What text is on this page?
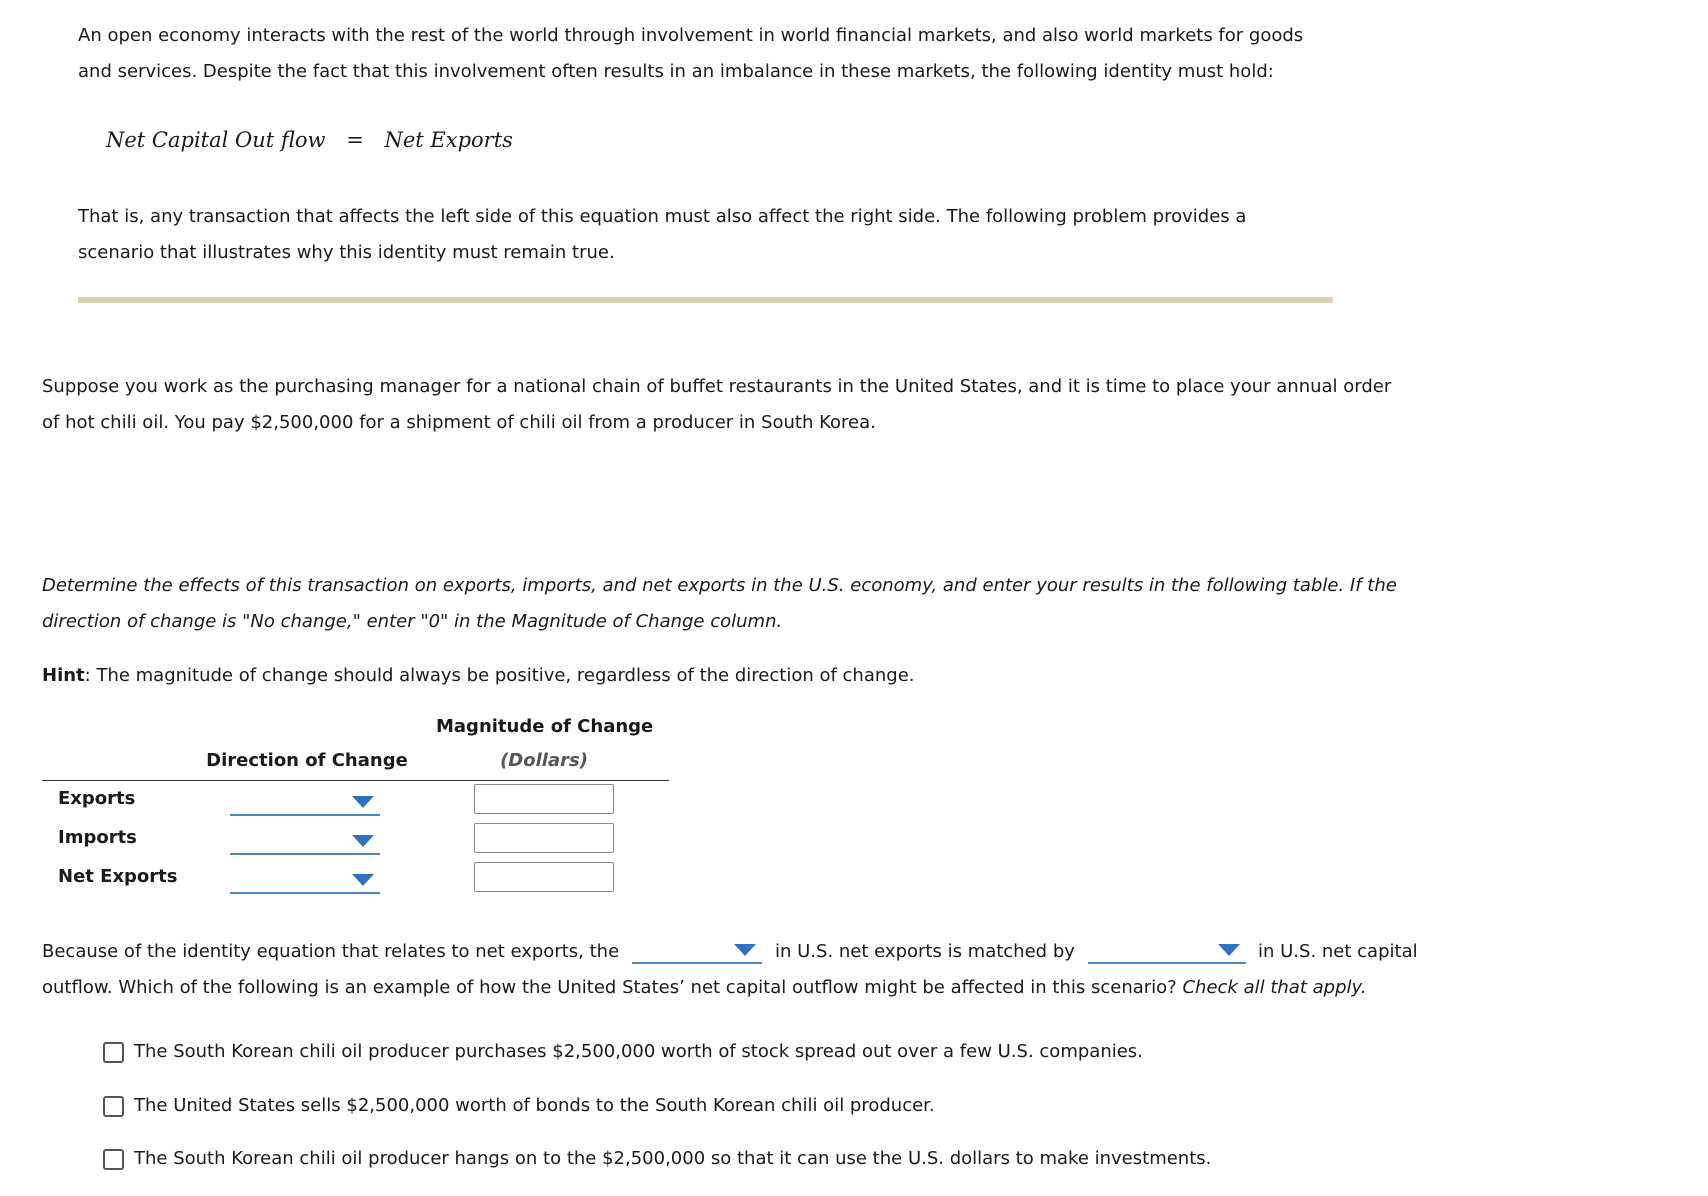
An open economy interacts with the rest of the world through involvement in world financial markets, and also world markets for goods
and services. Despite the fact that this involvement often results in an imbalance in these markets, the following identity must hold:
Net Capital Out flow = Net Exports
That is, any transaction that affects the left side of this equation must also affect the right side. The following problem provides a
scenario that illustrates why this identity must remain true.
Suppose you work as the purchasing manager for a national chain of buffet restaurants in the United States, and it is time to place your annual order
of hot chili oil. You pay $2,500,000 for a shipment of chili oil from a producer in South Korea.
Determine the effects of this transaction on exports, imports, and net exports in the U.S. economy, and enter your results in the following table. If the
direction of change is "No change," enter "0" in the Magnitude of Change column.
Hint: The magnitude of change should always be positive, regardless of the direction of change.
Magnitude of Change
Direction of Change	(Dollars)
Exports
Imports
Net Exports
Because of the identity equation that relates to net exports, the	in U.S. net exports is matched by	in U.S. net capital
outflow. Which of the following is an example of how the United States’ net capital outflow might be affected in this scenario? Check all that apply.
The South Korean chili oil producer purchases $2,500,000 worth of stock spread out over a few U.S. companies.
The United States sells $2,500,000 worth of bonds to the South Korean chili oil producer.
The South Korean chili oil producer hangs on to the $2,500,000 so that it can use the U.S. dollars to make investments.
